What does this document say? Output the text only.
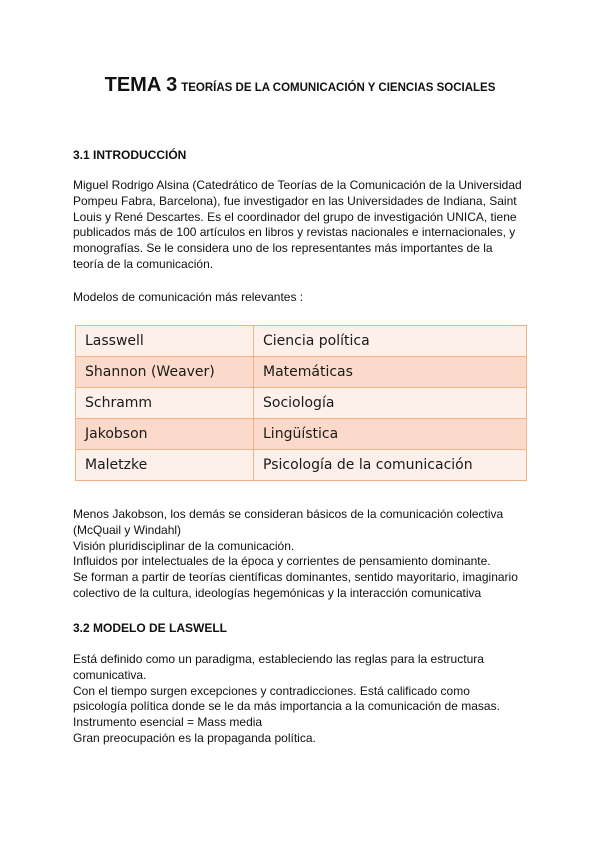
TEMA 3 TEORÍAS DE LA COMUNICACIÓN Y CIENCIAS SOCIALES
3.1 INTRODUCCIÓN
Miguel Rodrigo Alsina (Catedrático de Teorías de la Comunicación de la Universidad
Pompeu Fabra, Barcelona), fue investigador en las Universidades de Indiana, Saint
Louis y René Descartes. Es el coordinador del grupo de investigación UNICA, tiene
publicados más de 100 artículos en libros y revistas nacionales e internacionales, y
monografías. Se le considera uno de los representantes más importantes de la
teoría de la comunicación.
Modelos de comunicación más relevantes :
Lasswell	Ciencia política
Shannon (Weaver)	Matemáticas
Schramm	Sociología
Jakobson	Lingüística
Maletzke	Psicología de la comunicación
Menos Jakobson, los demás se consideran básicos de la comunicación colectiva
(McQuail y Windahl)
Visión pluridisciplinar de la comunicación.
Influidos por intelectuales de la época y corrientes de pensamiento dominante.
Se forman a partir de teorías científicas dominantes, sentido mayoritario, imaginario
colectivo de la cultura, ideologías hegemónicas y la interacción comunicativa
3.2 MODELO DE LASWELL
Está definido como un paradigma, estableciendo las reglas para la estructura
comunicativa.
Con el tiempo surgen excepciones y contradicciones. Está calificado como
psicología política donde se le da más importancia a la comunicación de masas.
Instrumento esencial = Mass media
Gran preocupación es la propaganda política.
